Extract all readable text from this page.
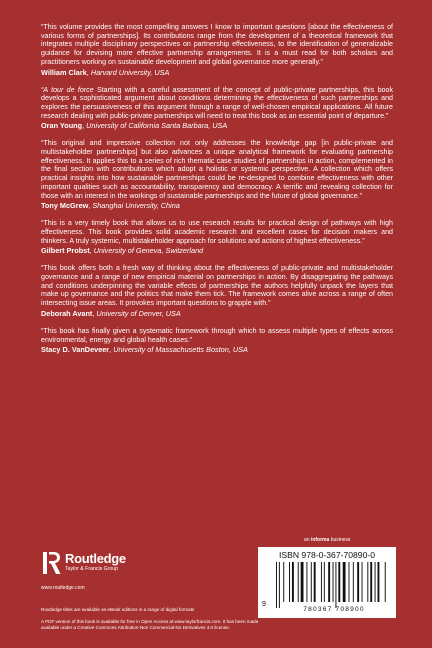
“This volume provides the most compelling answers I know to important questions [about the effectiveness of various forms of partnerships]. Its contributions range from the development of a theoretical framework that integrates multiple disciplinary perspectives on partnership effectiveness, to the identification of generalizable guidance for devising more effective partnership arrangements. It is a must read for both scholars and practitioners working on sustainable development and global governance more generally.”

William Clark, Harvard University, USA

“A tour de force Starting with a careful assessment of the concept of public-private partnerships, this book develops a sophisticated argument about conditions determining the effectiveness of such partnerships and explores the persuasiveness of this argument through a range of well-chosen empirical applications. All future research dealing with public-private partnerships will need to treat this book as an essential point of departure.”

Oran Young, University of California Santa Barbara, USA

“This original and impressive collection not only addresses the knowledge gap [in public-private and multistakeholder partnerships] but also advances a unique analytical framework for evaluating partnership effectiveness. It applies this to a series of rich thematic case studies of partnerships in action, complemented in the final section with contributions which adopt a holistic or systemic perspective. A collection which offers practical insights into how sustainable partnerships could be re-designed to combine effectiveness with other important qualities such as accountability, transparency and democracy. A terrific and revealing collection for those with an interest in the workings of sustainable partnerships and the future of global governance.”

Tony McGrew, Shanghai University, China

“This is a very timely book that allows us to use research results for practical design of pathways with high effectiveness. This book provides solid academic research and excellent cases for decision makers and thinkers. A truly systemic, multistakeholder approach for solutions and actions of highest effectiveness.”

Gilbert Probst, University of Geneva, Switzerland

“This book offers both a fresh way of thinking about the effectiveness of public-private and multistakeholder governance and a range of new empirical material on partnerships in action. By disaggregating the pathways and conditions underpinning the variable effects of partnerships the authors helpfully unpack the layers that make up governance and the politics that make them tick. The framework comes alive across a range of often intersecting issue areas. It provokes important questions to grapple with.”

Deborah Avant, University of Denver, USA

“This book has finally given a systematic framework through which to assess multiple types of effects across environmental, energy and global health cases.”

Stacy D. VanDeveer, University of Massachusetts Boston, USA
Routledge
Taylor & Francis Group
www.routledge.com
Routledge titles are available as eBook editions in a range of digital formats
A PDF version of this book is available for free in Open Access at www.taylorfrancis.com. It has been made available under a Creative Commons Attribution-Non Commercial-No Derivatives 4.0 license.
an informa business
ISBN 978-0-367-70890-0
9
780367 708900
